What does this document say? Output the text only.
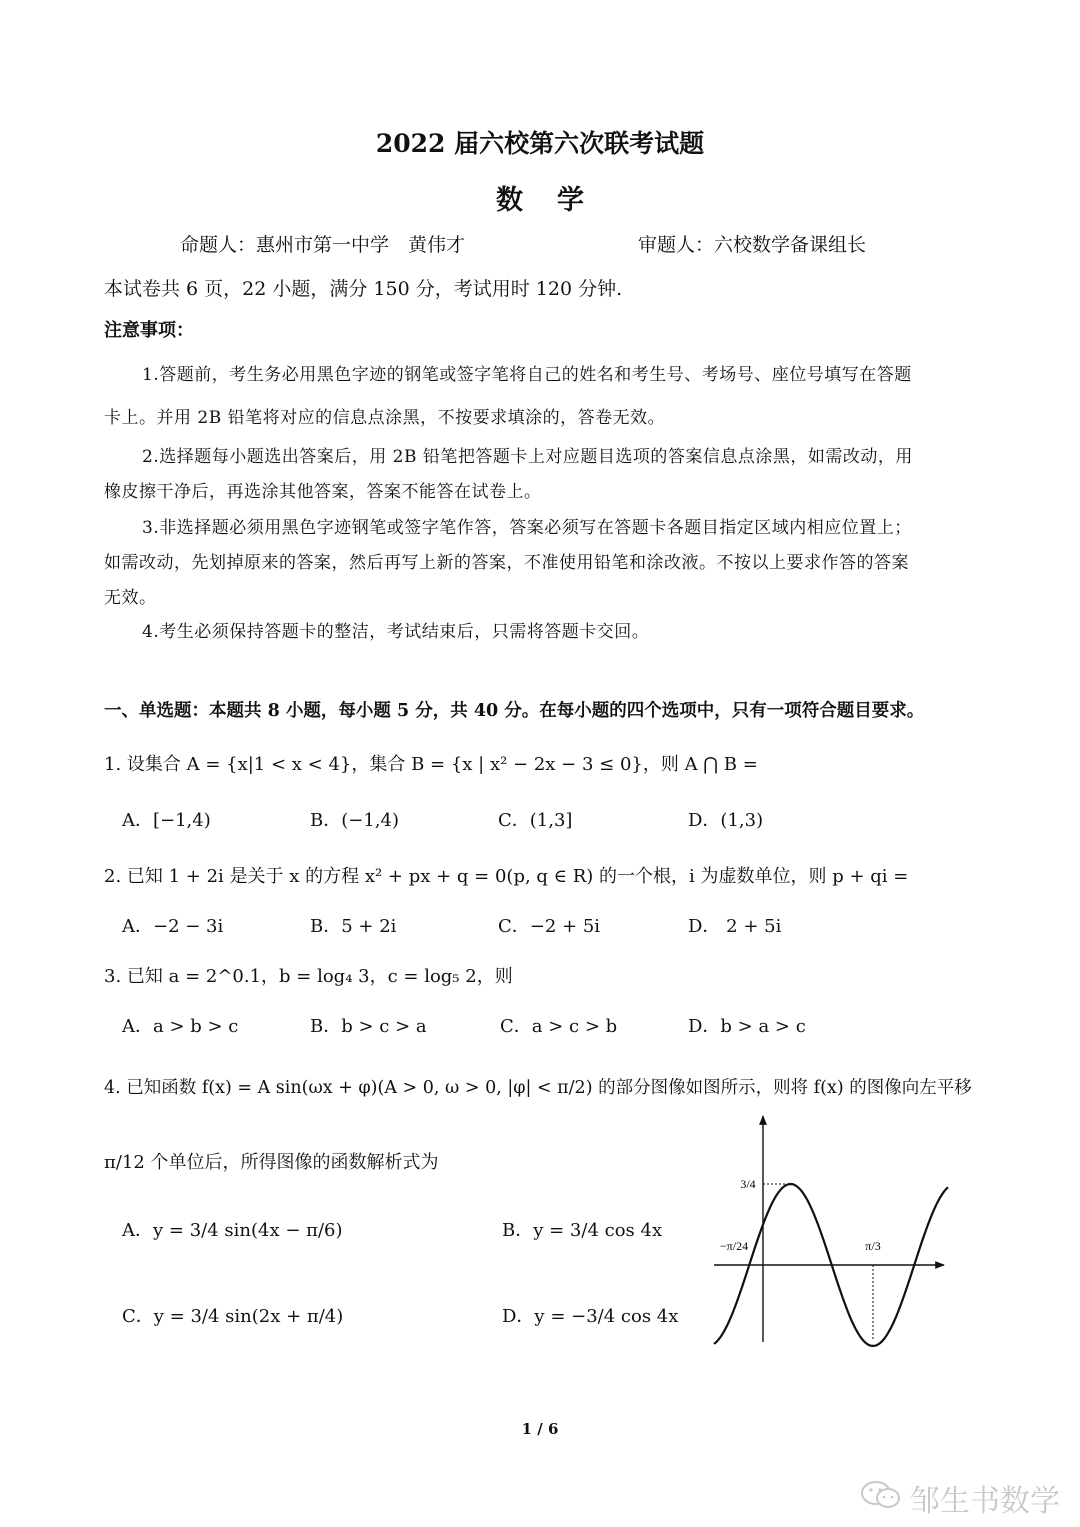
2022 届六校第六次联考试题
数学
命题人：惠州市第一中学　黄伟才	审题人：六校数学备课组长
本试卷共 6 页，22 小题，满分 150 分，考试用时 120 分钟.
注意事项：
1.答题前，考生务必用黑色字迹的钢笔或签字笔将自己的姓名和考生号、考场号、座位号填写在答题
卡上。并用 2B 铅笔将对应的信息点涂黑，不按要求填涂的，答卷无效。
2.选择题每小题选出答案后，用 2B 铅笔把答题卡上对应题目选项的答案信息点涂黑，如需改动，用
橡皮擦干净后，再选涂其他答案，答案不能答在试卷上。
3.非选择题必须用黑色字迹钢笔或签字笔作答，答案必须写在答题卡各题目指定区域内相应位置上；
如需改动，先划掉原来的答案，然后再写上新的答案，不准使用铅笔和涂改液。不按以上要求作答的答案
无效。
4.考生必须保持答题卡的整洁，考试结束后，只需将答题卡交回。
一、单选题：本题共 8 小题，每小题 5 分，共 40 分。在每小题的四个选项中，只有一项符合题目要求。
1. 设集合 A = {x|1 < x < 4}，集合 B = {x | x² − 2x − 3 ≤ 0}，则 A ⋂ B =
A．[−1,4)	B．(−1,4)	C．(1,3]	D．(1,3)
2. 已知 1 + 2i 是关于 x 的方程 x² + px + q = 0(p, q ∈ R) 的一个根，i 为虚数单位，则 p + qi =
A．−2 − 3i	B．5 + 2i	C．−2 + 5i	D． 2 + 5i
3. 已知 a = 2^0.1，b = log₄ 3，c = log₅ 2，则
A．a > b > c	B．b > c > a	C．a > c > b	D．b > a > c
4. 已知函数 f(x) = A sin(ωx + φ)(A > 0, ω > 0, |φ| < π/2) 的部分图像如图所示，则将 f(x) 的图像向左平移
π/12 个单位后，所得图像的函数解析式为
A．y = 3/4 sin(4x − π/6)	B．y = 3/4 cos 4x
C．y = 3/4 sin(2x + π/4)	D．y = −3/4 cos 4x
3/4
−π/24	π/3
1 / 6
邹生书数学
